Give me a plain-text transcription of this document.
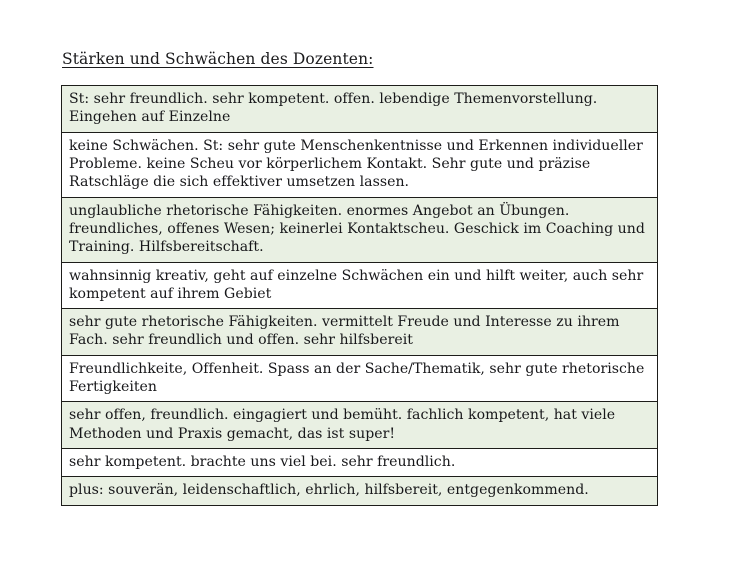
Stärken und Schwächen des Dozenten:
St: sehr freundlich. sehr kompetent. offen. lebendige Themenvorstellung. Eingehen auf Einzelne
keine Schwächen. St: sehr gute Menschenkentnisse und Erkennen individueller Probleme. keine Scheu vor körperlichem Kontakt. Sehr gute und präzise Ratschläge die sich effektiver umsetzen lassen.
unglaubliche rhetorische Fähigkeiten. enormes Angebot an Übungen. freundliches, offenes Wesen; keinerlei Kontaktscheu. Geschick im Coaching und Training. Hilfsbereitschaft.
wahnsinnig kreativ, geht auf einzelne Schwächen ein und hilft weiter, auch sehr kompetent auf ihrem Gebiet
sehr gute rhetorische Fähigkeiten. vermittelt Freude und Interesse zu ihrem Fach. sehr freundlich und offen. sehr hilfsbereit
Freundlichkeite, Offenheit. Spass an der Sache/Thematik, sehr gute rhetorische Fertigkeiten
sehr offen, freundlich. eingagiert und bemüht. fachlich kompetent, hat viele Methoden und Praxis gemacht, das ist super!
sehr kompetent. brachte uns viel bei. sehr freundlich.
plus: souverän, leidenschaftlich, ehrlich, hilfsbereit, entgegenkommend.
